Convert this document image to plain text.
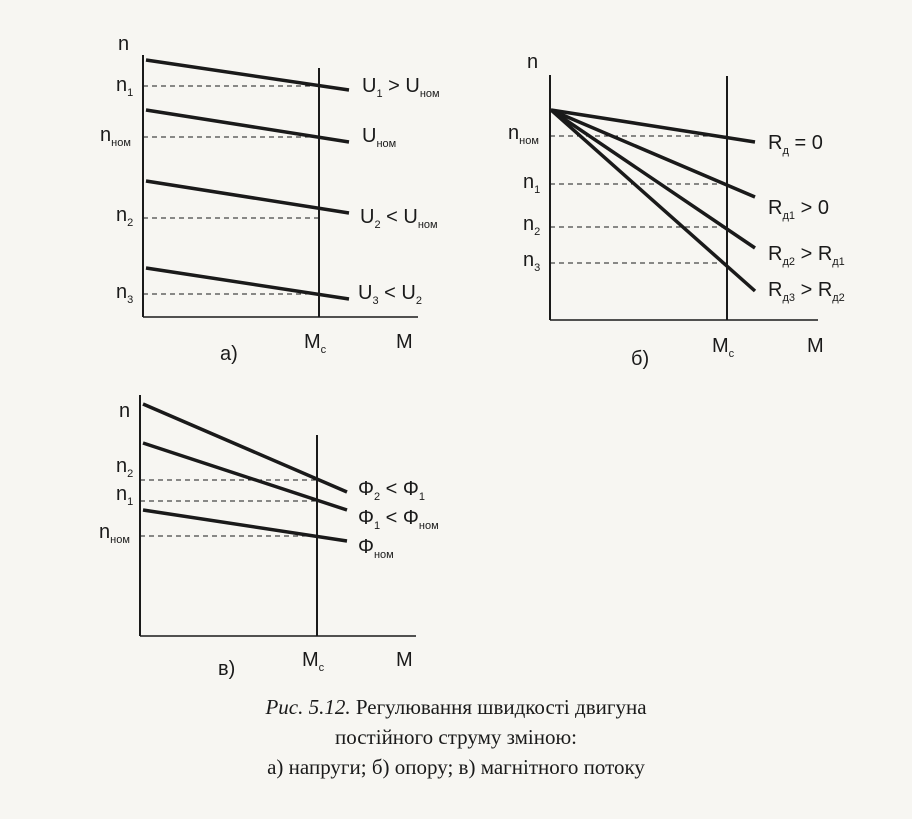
n
$n_1$
$n_{ном}$
$n_2$
$n_3$
$U_1 > U_{ном}$
$U_{ном}$
$U_2 < U_{ном}$
$U_3 < U_2$
$M_с$	M
а)
n
$n_{ном}$
$n_1$
$n_2$
$n_3$
$R_д = 0$
$R_{д1} > 0$
$R_{д2} > R_{д1}$
$R_{д3} > R_{д2}$
$M_с$	M
б)
n
$n_2$
$n_1$
$n_{ном}$
$\Phi_2 < \Phi_1$
$\Phi_1 < \Phi_{ном}$
$\Phi_{ном}$
$M_с$	M
в)
Рис. 5.12. Регулювання швидкості двигуна
постійного струму зміною:
а) напруги; б) опору; в) магнітного потоку
